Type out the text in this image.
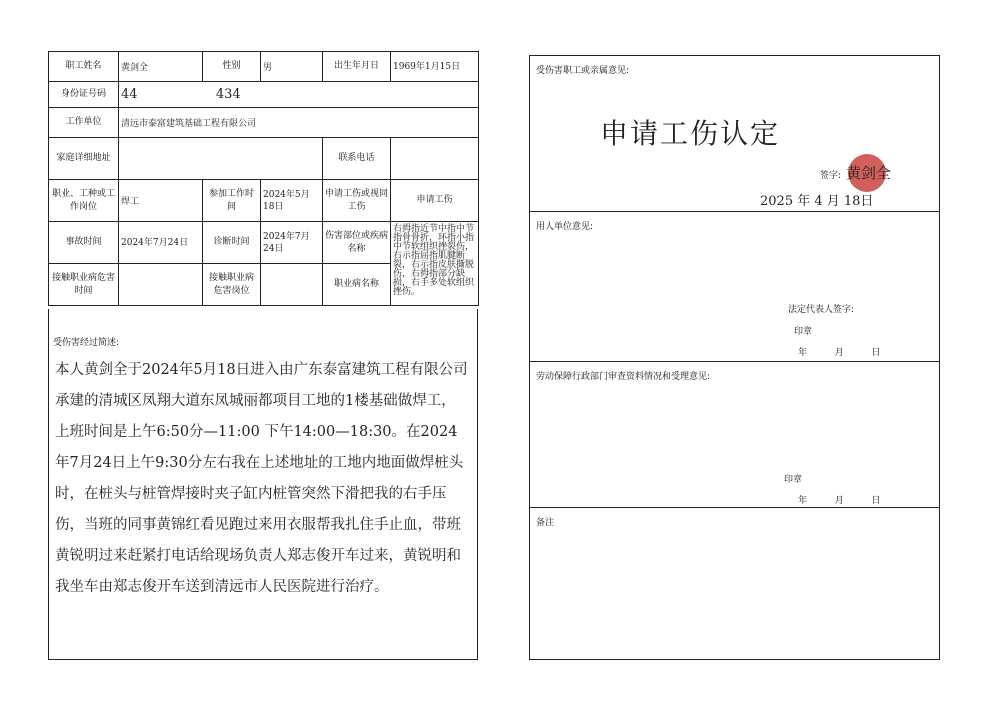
职工姓名	黄剑全	性别	男	出生年月日	1969年1月15日
身份证号码	44 434				
工作单位	清远市泰富建筑基础工程有限公司				
家庭详细地址				联系电话	
职业、工种或工作岗位	焊工	参加工作时间	2024年5月18日	申请工伤或视同工伤	申请工伤
事故时间	2024年7月24日	诊断时间	2024年7月24日	伤害部位或疾病名称	右拇指近节中指中节指骨骨折，环指小指中节软组织挫裂伤，右示指屈指肌腱断裂，右示指皮肤撕脱伤，右拇指部分缺损，右手多处软组织挫伤。
接触职业病危害时间		接触职业病危害岗位		职业病名称	
受伤害经过简述:
本人黄剑全于2024年5月18日进入由广东泰富建筑工程有限公司承建的清城区凤翔大道东凤城丽都项目工地的1楼基础做焊工，上班时间是上午6:50分—11:00 下午14:00—18:30。在2024年7月24日上午9:30分左右我在上述地址的工地内地面做焊桩头时，在桩头与桩管焊接时夹子缸内桩管突然下滑把我的右手压伤，当班的同事黄锦红看见跑过来用衣服帮我扎住手止血，带班黄锐明过来赶紧打电话给现场负责人郑志俊开车过来，黄锐明和我坐车由郑志俊开车送到清远市人民医院进行治疗。
受伤害职工或亲属意见:
申请工伤认定
签字: 黄剑全
2025 年 4 月 18日
用人单位意见:
法定代表人签字:
印章
年	月	日
劳动保障行政部门审查资料情况和受理意见:
印章
年	月	日
备注
